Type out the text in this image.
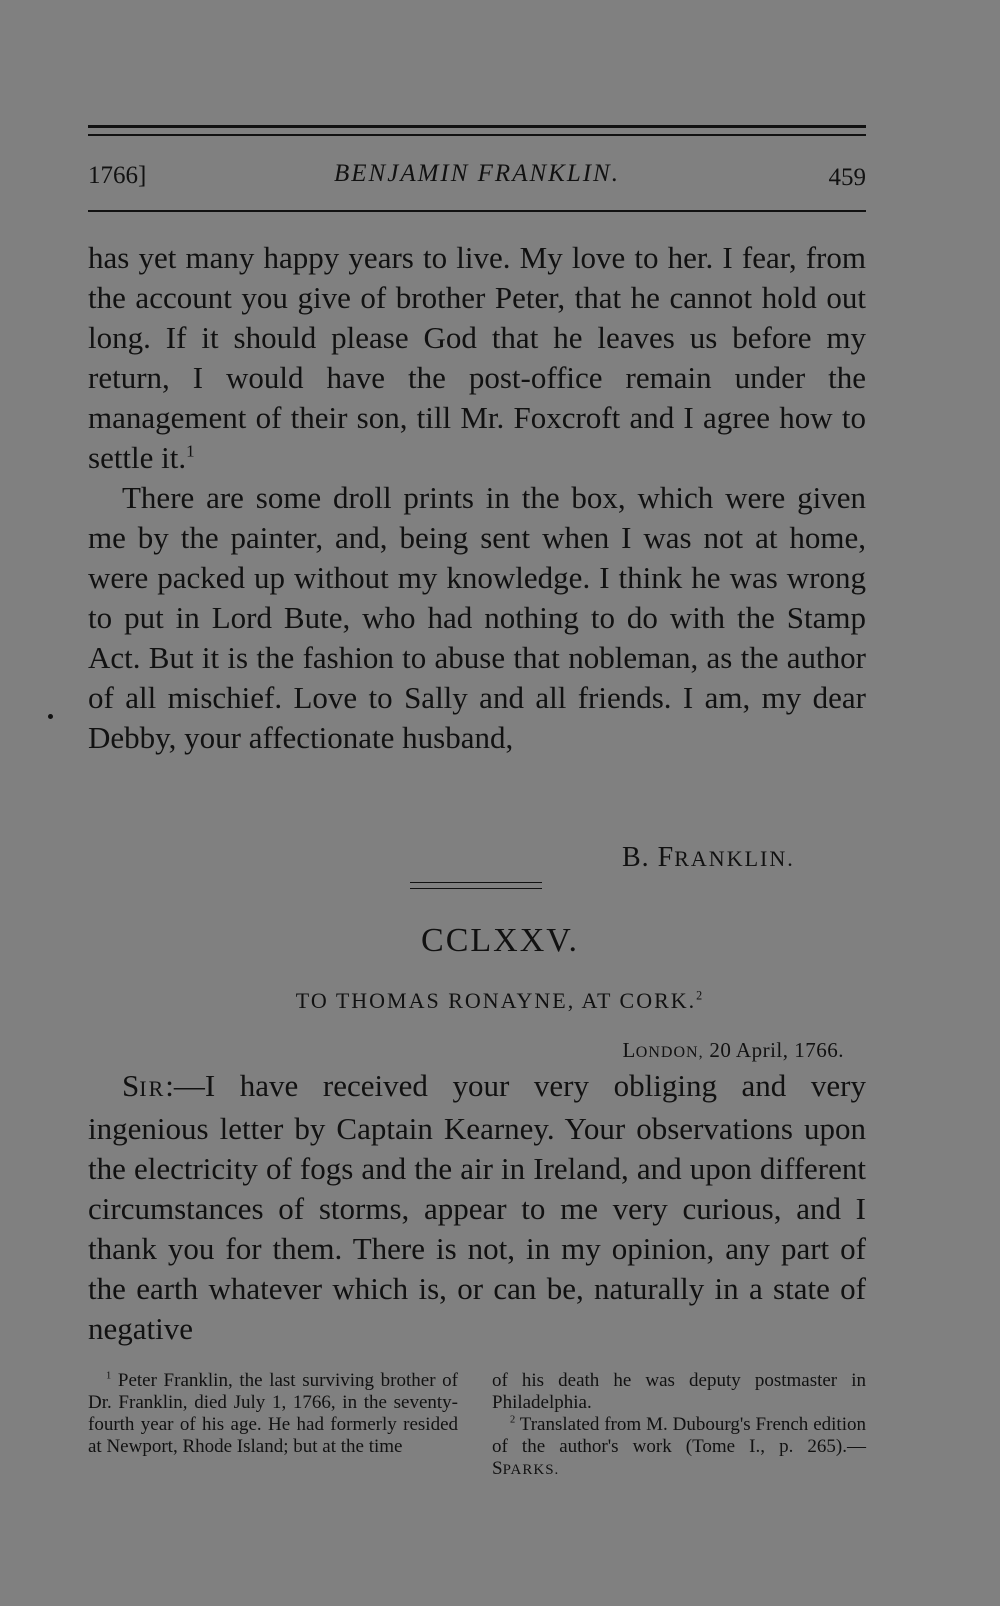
1766]	BENJAMIN FRANKLIN.	459

has yet many happy years to live. My love to her. I fear, from the account you give of brother Peter, that he cannot hold out long. If it should please God that he leaves us before my return, I would have the post-office remain under the management of their son, till Mr. Foxcroft and I agree how to settle it.$^1$

There are some droll prints in the box, which were given me by the painter, and, being sent when I was not at home, were packed up without my knowledge. I think he was wrong to put in Lord Bute, who had nothing to do with the Stamp Act. But it is the fashion to abuse that nobleman, as the author of all mischief. Love to Sally and all friends. I am, my dear Debby, your affectionate husband,

B. FRANKLIN.
CCLXXV.
TO THOMAS RONAYNE, AT CORK.$^2$
LONDON, 20 April, 1766.

SIR:—I have received your very obliging and very ingenious letter by Captain Kearney. Your observations upon the electricity of fogs and the air in Ireland, and upon different circumstances of storms, appear to me very curious, and I thank you for them. There is not, in my opinion, any part of the earth whatever which is, or can be, naturally in a state of negative

$^1$ Peter Franklin, the last surviving brother of Dr. Franklin, died July 1, 1766, in the seventy-fourth year of his age. He had formerly resided at Newport, Rhode Island; but at the time

of his death he was deputy postmaster in Philadelphia.

$^2$ Translated from M. Dubourg's French edition of the author's work (Tome I., p. 265).—SPARKS.
